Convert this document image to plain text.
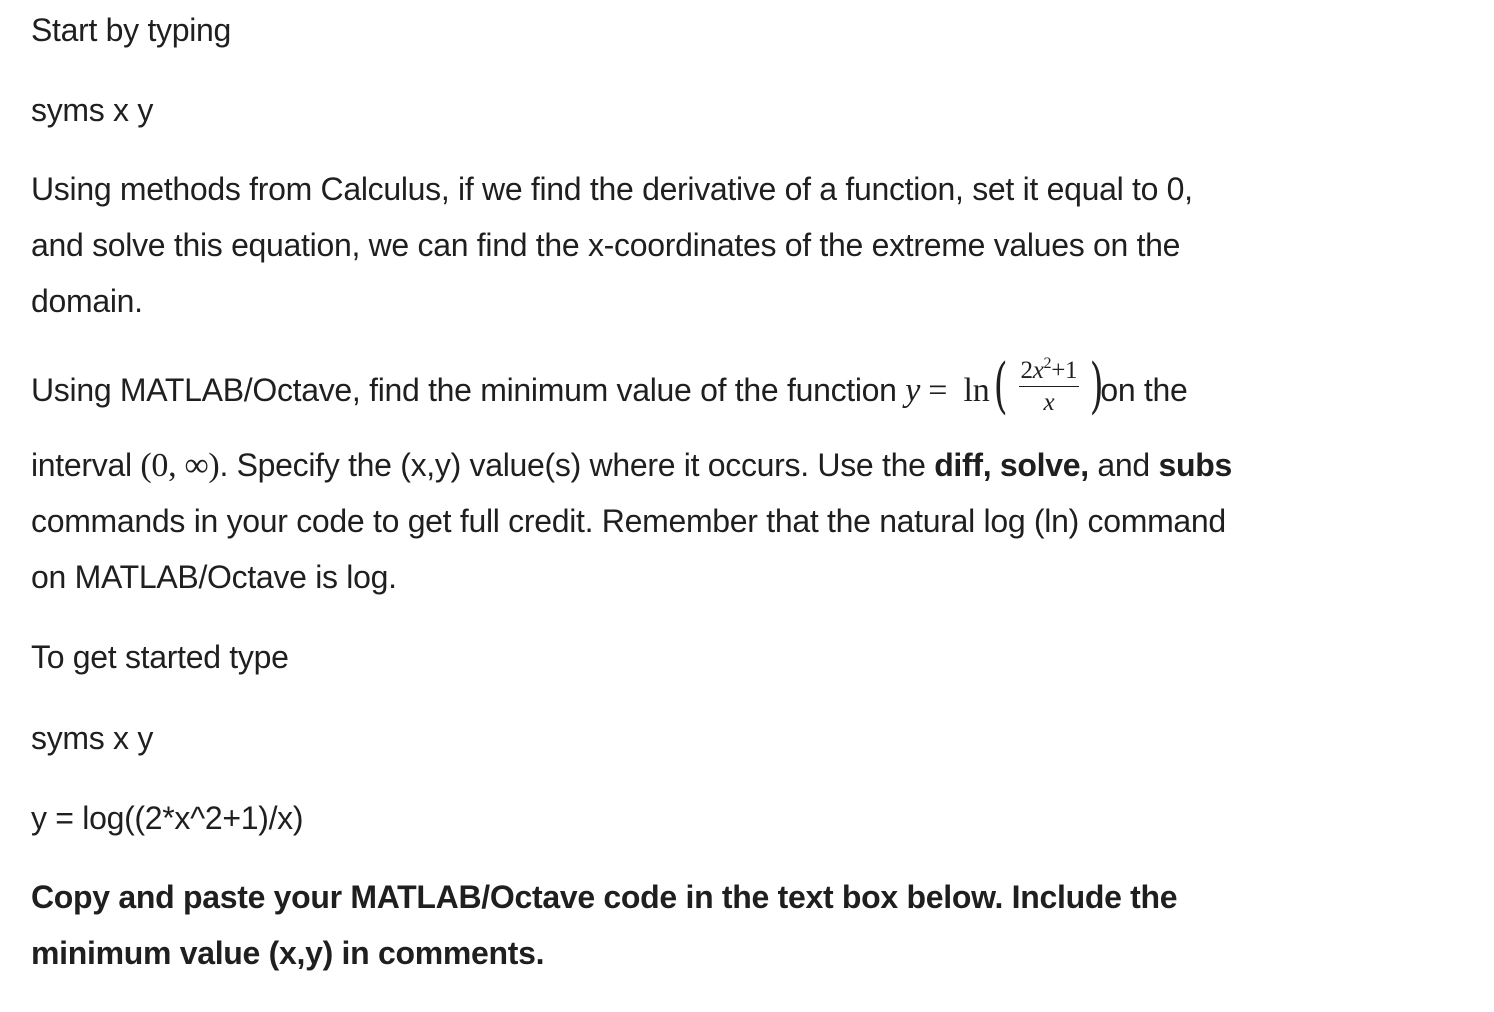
Start by typing

syms x y

Using methods from Calculus, if we find the derivative of a function, set it equal to 0,

and solve this equation, we can find the x-coordinates of the extreme values on the

domain.

Using MATLAB/Octave, find the minimum value of the function $y = \ln( \frac{2x^2+1}{x} )on$ the

interval (0, ∞). Specify the (x,y) value(s) where it occurs. Use the diff, solve, and subs

commands in your code to get full credit. Remember that the natural log (ln) command

on MATLAB/Octave is log.

To get started type

syms x y

y = log((2*x^2+1)/x)

Copy and paste your MATLAB/Octave code in the text box below. Include the

minimum value (x,y) in comments.
